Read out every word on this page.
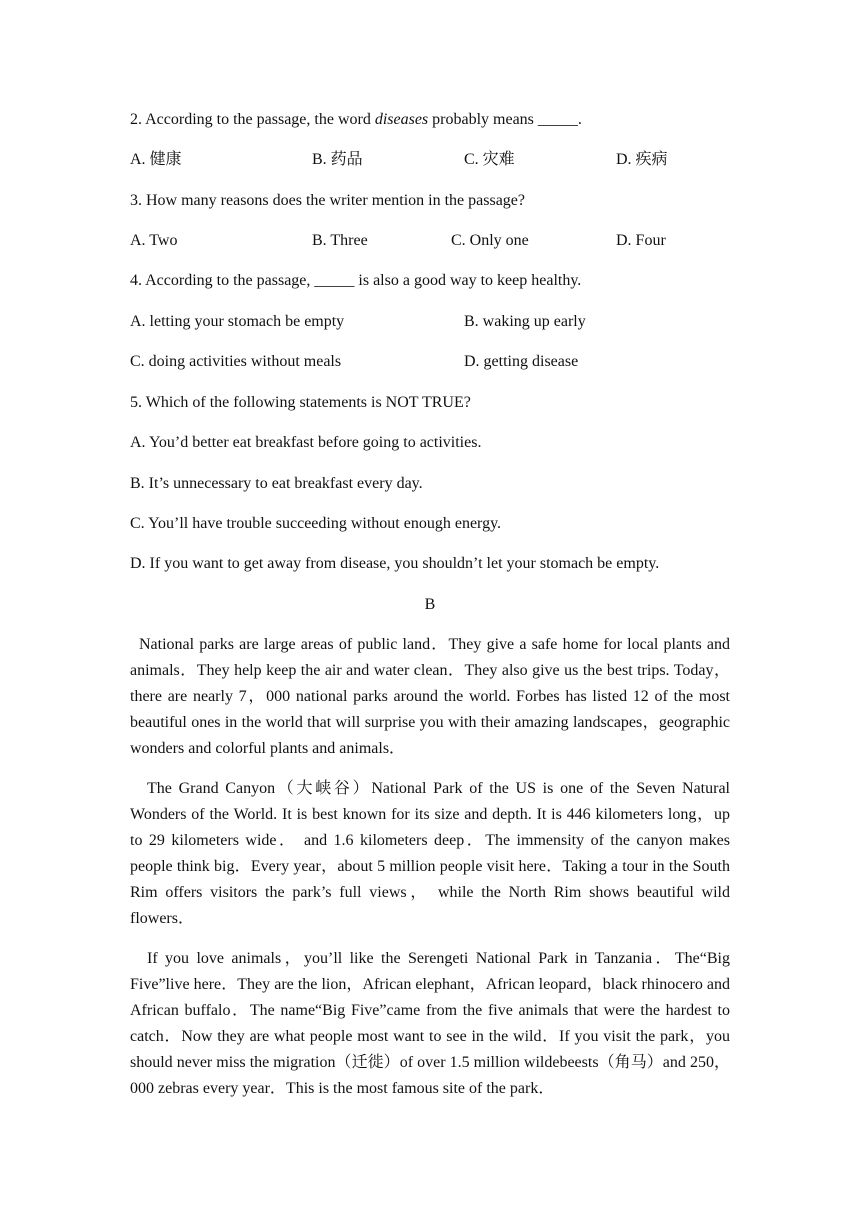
2. According to the passage, the word diseases probably means _____.
A. 健康	B. 药品	C. 灾难	D. 疾病
3. How many reasons does the writer mention in the passage?
A. Two	B. Three	C. Only one	D. Four
4. According to the passage, _____ is also a good way to keep healthy.
A. letting your stomach be empty	B. waking up early
C. doing activities without meals	D. getting disease
5. Which of the following statements is NOT TRUE?
A. You’d better eat breakfast before going to activities.
B. It’s unnecessary to eat breakfast every day.
C. You’ll have trouble succeeding without enough energy.
D. If you want to get away from disease, you shouldn’t let your stomach be empty.
B
National parks are large areas of public land．They give a safe home for local plants and animals．They help keep the air and water clean．They also give us the best trips. Today，there are nearly 7，000 national parks around the world. Forbes has listed 12 of the most beautiful ones in the world that will surprise you with their amazing landscapes，geographic wonders and colorful plants and animals．
The Grand Canyon（大峡谷）National Park of the US is one of the Seven Natural Wonders of the World. It is best known for its size and depth. It is 446 kilometers long，up to 29 kilometers wide． and 1.6 kilometers deep．The immensity of the canyon makes people think big．Every year，about 5 million people visit here．Taking a tour in the South Rim offers visitors the park’s full views， while the North Rim shows beautiful wild flowers．
If you love animals，you’ll like the Serengeti National Park in Tanzania．The“Big Five”live here．They are the lion，African elephant，African leopard，black rhinocero and African buffalo．The name“Big Five”came from the five animals that were the hardest to catch．Now they are what people most want to see in the wild．If you visit the park，you should never miss the migration（迁徙）of over 1.5 million wildebeests（角马）and 250，000 zebras every year．This is the most famous site of the park．
